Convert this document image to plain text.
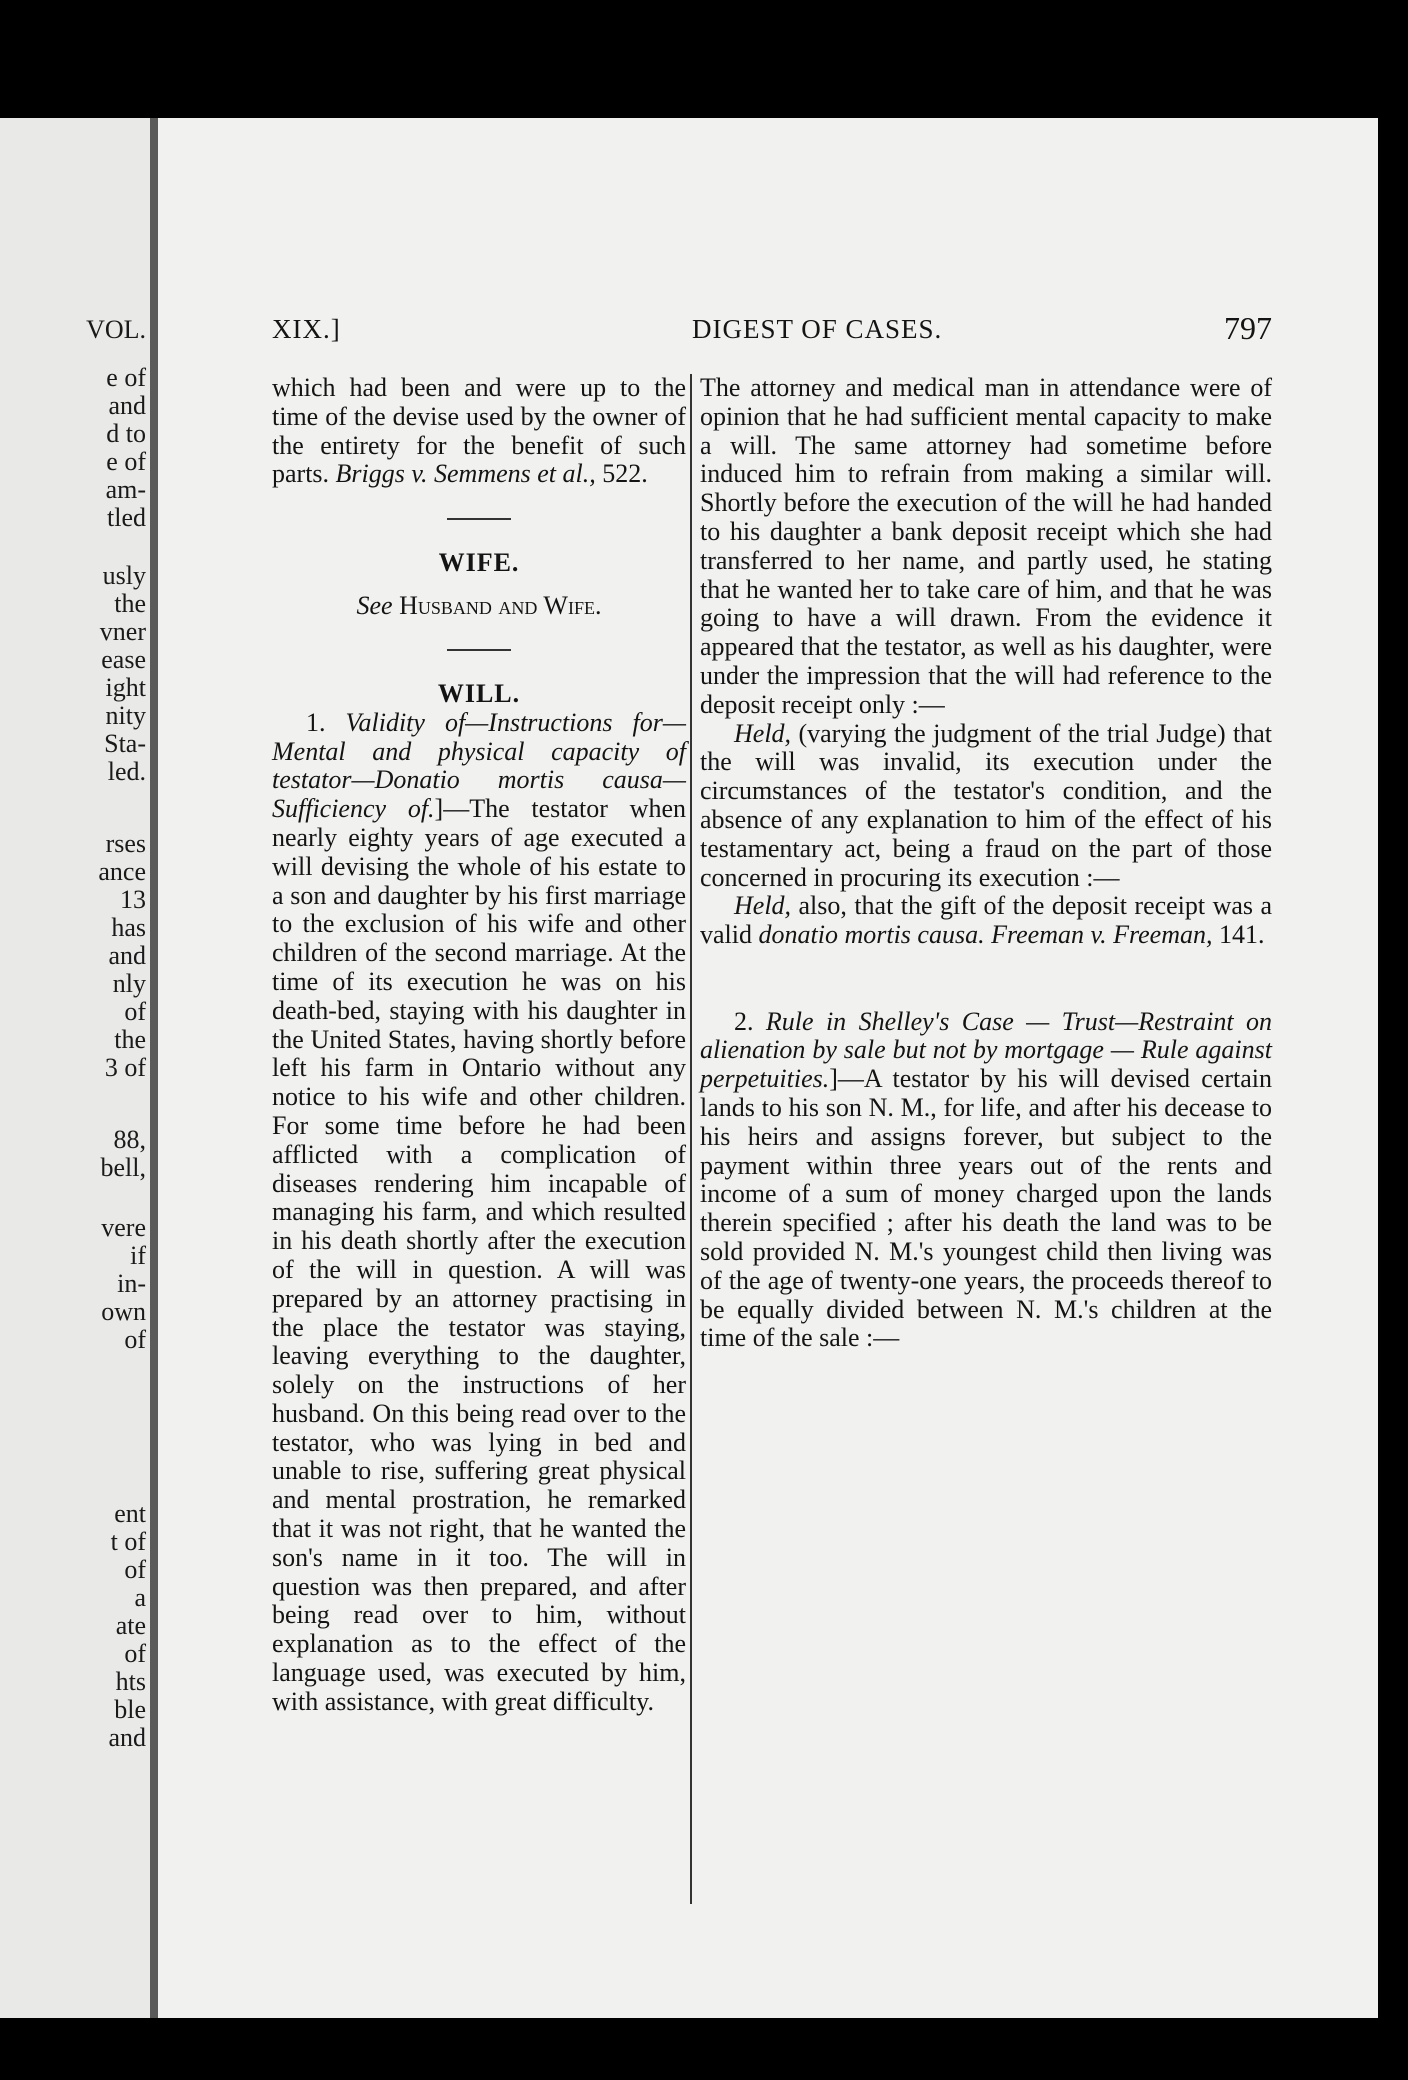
VOL.
e of
and
d to
e of
am-
tled
usly
the
vner
ease
ight
nity
Sta-
led.
rses
ance
13
has
and
nly
of
the
3 of
88,
bell,
vere
if
in-
own
of
ent
t of
of
a
ate
of
hts
ble
and
XIX.]	DIGEST OF CASES.	797

which had been and were up to the time of the devise used by the owner of the entirety for the benefit of such parts. Briggs v. Semmens et al., 522.

WIFE.

See Husband and Wife.

WILL.

1. Validity of—Instructions for—Mental and physical capacity of testator—Donatio mortis causa—Sufficiency of.]—The testator when nearly eighty years of age executed a will devising the whole of his estate to a son and daughter by his first marriage to the exclusion of his wife and other children of the second marriage. At the time of its execution he was on his death-bed, staying with his daughter in the United States, having shortly before left his farm in Ontario without any notice to his wife and other children. For some time before he had been afflicted with a complication of diseases rendering him incapable of managing his farm, and which resulted in his death shortly after the execution of the will in question. A will was prepared by an attorney practising in the place the testator was staying, leaving everything to the daughter, solely on the instructions of her husband. On this being read over to the testator, who was lying in bed and unable to rise, suffering great physical and mental prostration, he remarked that it was not right, that he wanted the son's name in it too. The will in question was then prepared, and after being read over to him, without explanation as to the effect of the language used, was executed by him, with assistance, with great difficulty.

The attorney and medical man in attendance were of opinion that he had sufficient mental capacity to make a will. The same attorney had sometime before induced him to refrain from making a similar will. Shortly before the execution of the will he had handed to his daughter a bank deposit receipt which she had transferred to her name, and partly used, he stating that he wanted her to take care of him, and that he was going to have a will drawn. From the evidence it appeared that the testator, as well as his daughter, were under the impression that the will had reference to the deposit receipt only :—

Held, (varying the judgment of the trial Judge) that the will was invalid, its execution under the circumstances of the testator's condition, and the absence of any explanation to him of the effect of his testamentary act, being a fraud on the part of those concerned in procuring its execution :—

Held, also, that the gift of the deposit receipt was a valid donatio mortis causa. Freeman v. Freeman, 141.

2. Rule in Shelley's Case — Trust—Restraint on alienation by sale but not by mortgage — Rule against perpetuities.]—A testator by his will devised certain lands to his son N. M., for life, and after his decease to his heirs and assigns forever, but subject to the payment within three years out of the rents and income of a sum of money charged upon the lands therein specified ; after his death the land was to be sold provided N. M.'s youngest child then living was of the age of twenty-one years, the proceeds thereof to be equally divided between N. M.'s children at the time of the sale :—
